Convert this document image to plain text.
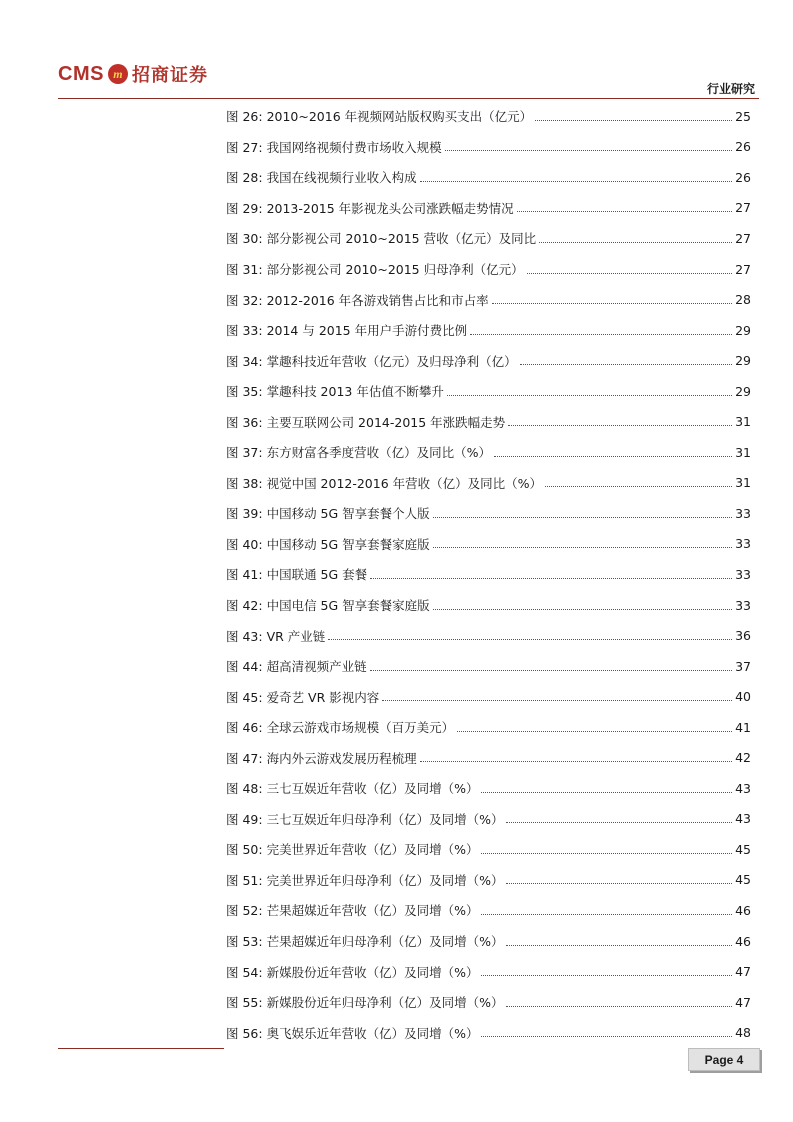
CMS m 招商证券
行业研究
图 26: 2010~2016 年视频网站版权购买支出（亿元）	25
图 27: 我国网络视频付费市场收入规模	26
图 28: 我国在线视频行业收入构成	26
图 29: 2013-2015 年影视龙头公司涨跌幅走势情况	27
图 30: 部分影视公司 2010~2015 营收（亿元）及同比	27
图 31: 部分影视公司 2010~2015 归母净利（亿元）	27
图 32: 2012-2016 年各游戏销售占比和市占率	28
图 33: 2014 与 2015 年用户手游付费比例	29
图 34: 掌趣科技近年营收（亿元）及归母净利（亿）	29
图 35: 掌趣科技 2013 年估值不断攀升	29
图 36: 主要互联网公司 2014-2015 年涨跌幅走势	31
图 37: 东方财富各季度营收（亿）及同比（%）	31
图 38: 视觉中国 2012-2016 年营收（亿）及同比（%）	31
图 39: 中国移动 5G 智享套餐个人版	33
图 40: 中国移动 5G 智享套餐家庭版	33
图 41: 中国联通 5G 套餐	33
图 42: 中国电信 5G 智享套餐家庭版	33
图 43: VR 产业链	36
图 44: 超高清视频产业链	37
图 45: 爱奇艺 VR 影视内容	40
图 46: 全球云游戏市场规模（百万美元）	41
图 47: 海内外云游戏发展历程梳理	42
图 48: 三七互娱近年营收（亿）及同增（%）	43
图 49: 三七互娱近年归母净利（亿）及同增（%）	43
图 50: 完美世界近年营收（亿）及同增（%）	45
图 51: 完美世界近年归母净利（亿）及同增（%）	45
图 52: 芒果超媒近年营收（亿）及同增（%）	46
图 53: 芒果超媒近年归母净利（亿）及同增（%）	46
图 54: 新媒股份近年营收（亿）及同增（%）	47
图 55: 新媒股份近年归母净利（亿）及同增（%）	47
图 56: 奥飞娱乐近年营收（亿）及同增（%）	48
Page 4
